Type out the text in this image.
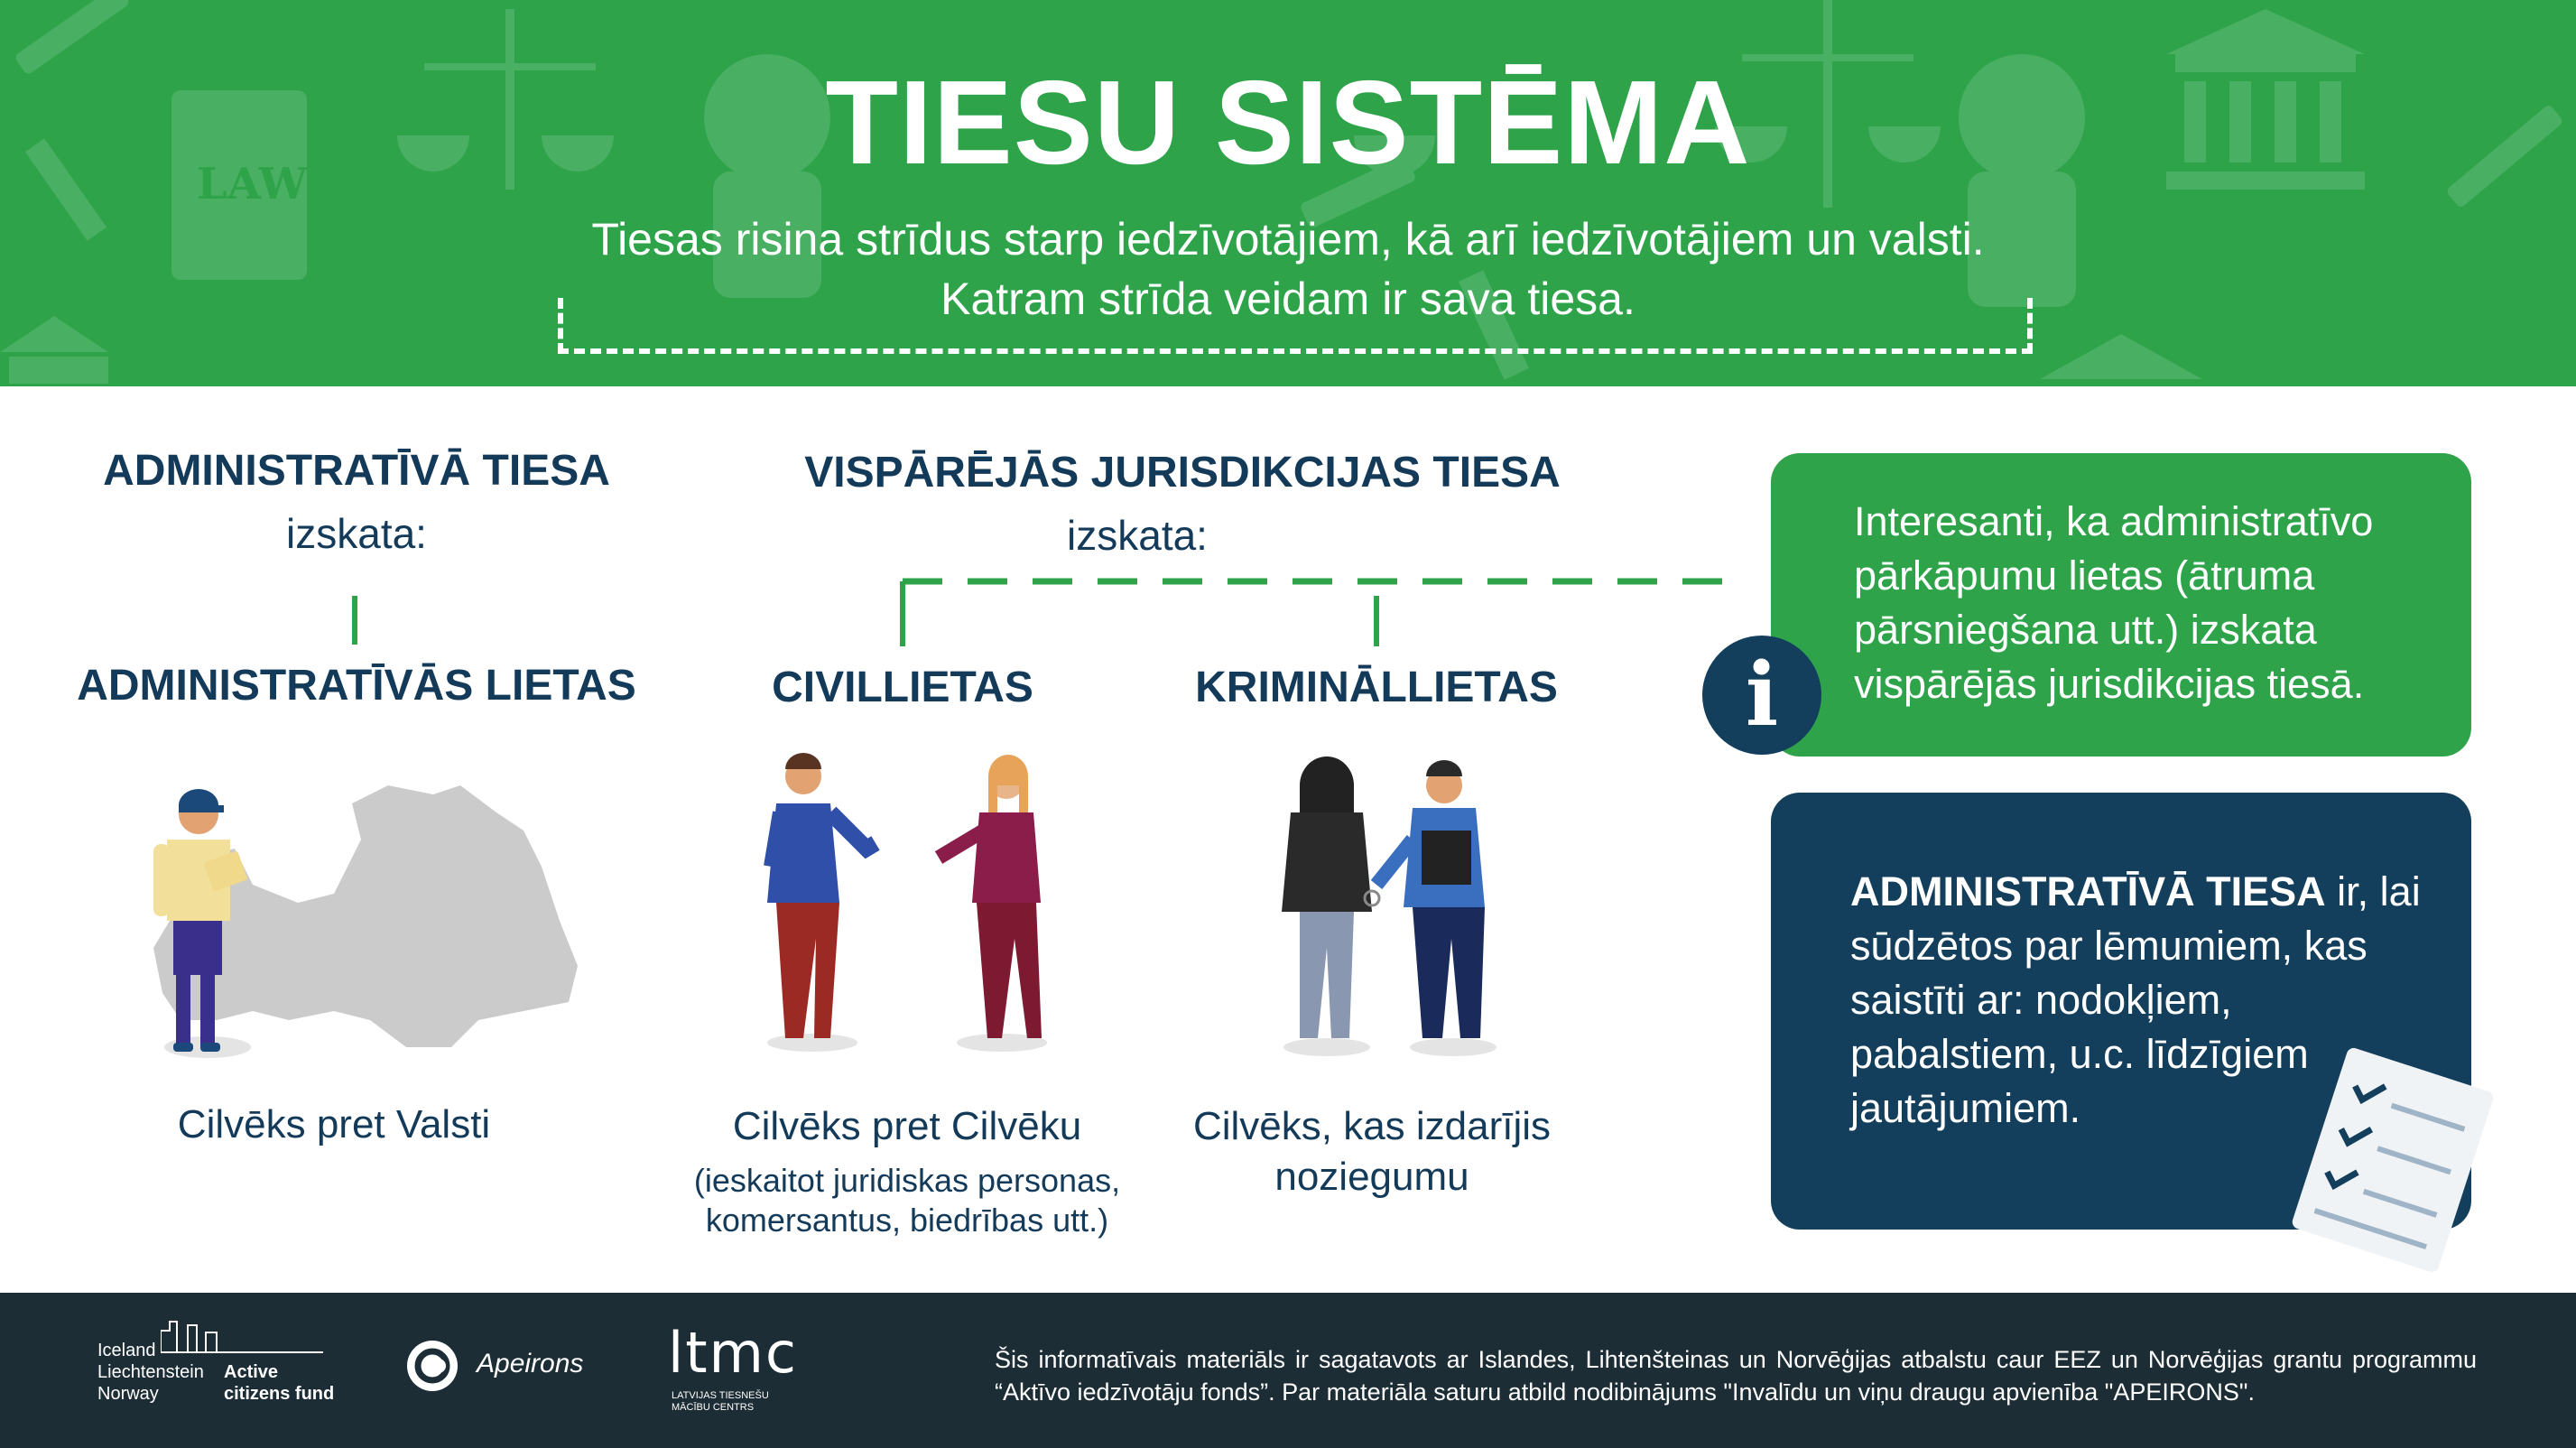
LAW	TIESU SISTĒMA
Tiesas risina strīdus starp iedzīvotājiem, kā arī iedzīvotājiem un valsti.
Katram strīda veidam ir sava tiesa.
ADMINISTRATĪVĀ TIESA
izskata:
ADMINISTRATĪVĀS LIETAS
Cilvēks pret Valsti
VISPĀRĒJĀS JURISDIKCIJAS TIESA
izskata:
CIVILLIETAS	KRIMINĀLLIETAS
Cilvēks pret Cilvēku
(ieskaitot juridiskas personas,
komersantus, biedrības utt.)
Cilvēks, kas izdarījis
noziegumu
Interesanti, ka administratīvo pārkāpumu lietas (ātruma pārsniegšana utt.) izskata vispārējās jurisdikcijas tiesā.
i
ADMINISTRATĪVĀ TIESA ir, lai sūdzētos par lēmumiem, kas saistīti ar: nodokļiem, pabalstiem, u.c. līdzīgiem jautājumiem.
Iceland
Liechtenstein
Norway
Active
citizens fund
Apeirons ltmc
LATVIJAS TIESNEŠU
MĀCĪBU CENTRS
Šis informatīvais materiāls ir sagatavots ar Islandes, Lihtenšteinas un Norvēģijas atbalstu caur EEZ un Norvēģijas grantu programmu “Aktīvo iedzīvotāju fonds”. Par materiāla saturu atbild nodibinājums "Invalīdu un viņu draugu apvienība "APEIRONS".
